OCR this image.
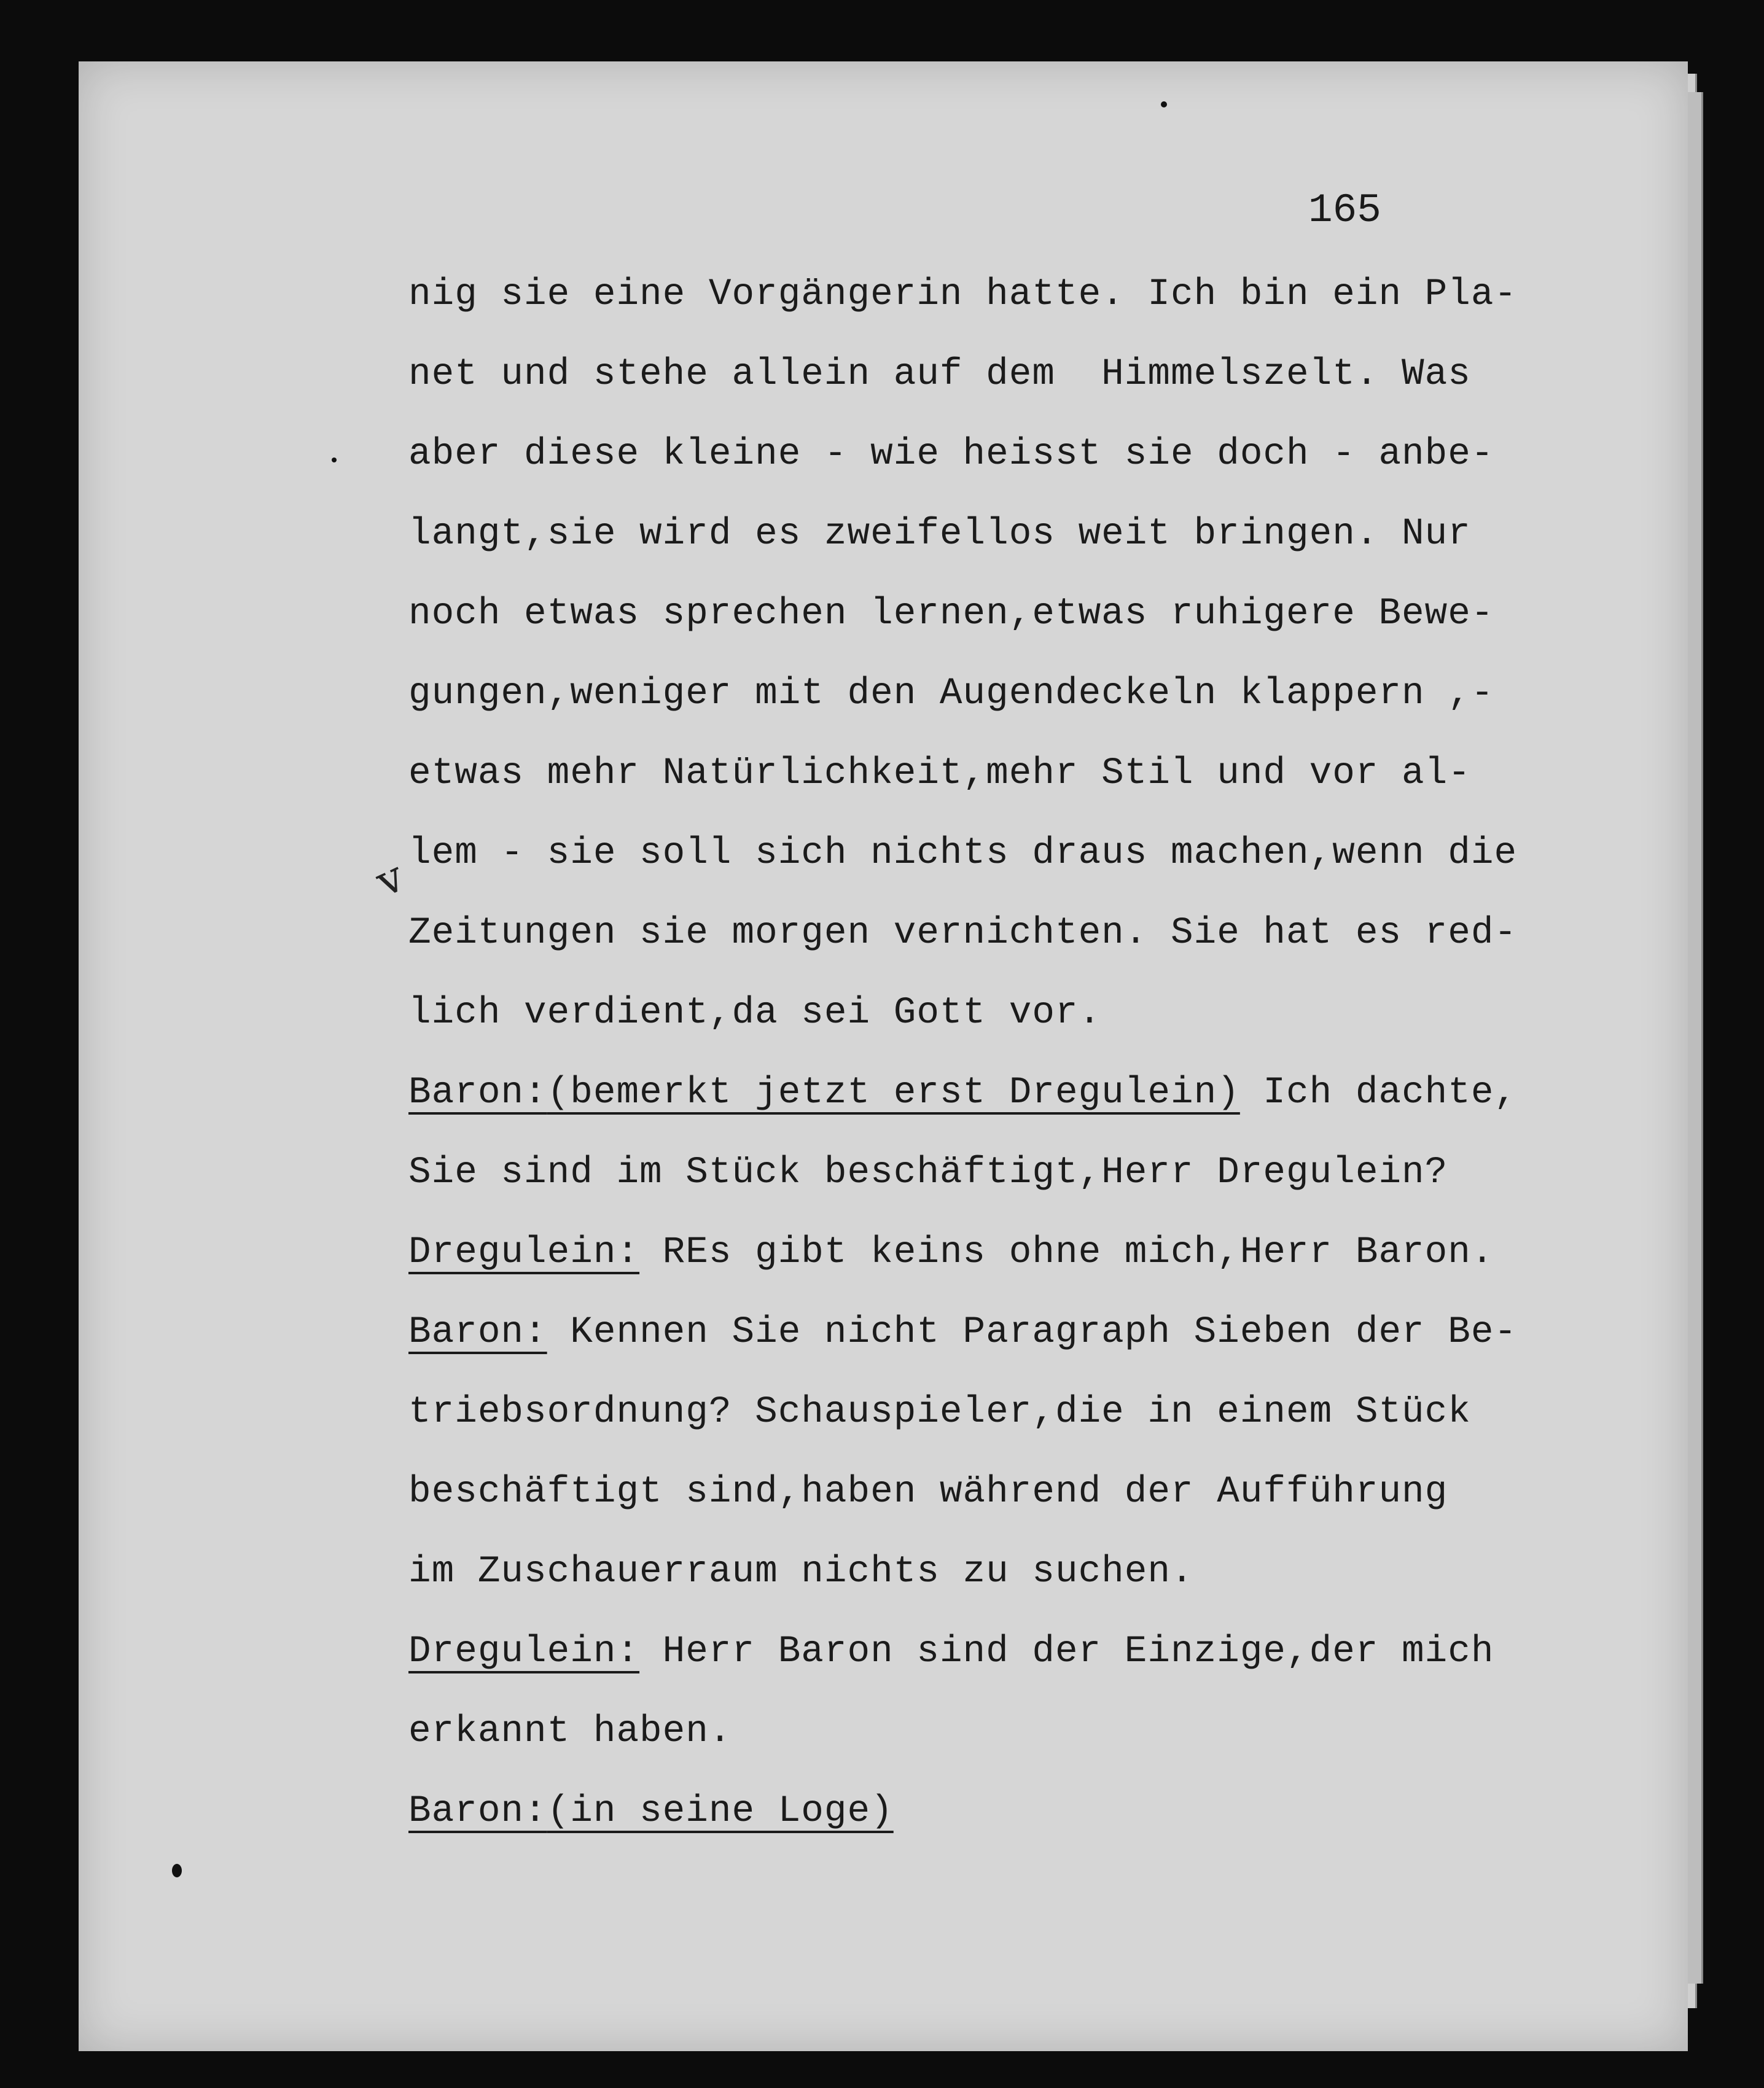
165
v
nig sie eine Vorgängerin hatte. Ich bin ein Pla-
net und stehe allein auf dem  Himmelszelt. Was
aber diese kleine - wie heisst sie doch - anbe-
langt,sie wird es zweifellos weit bringen. Nur
noch etwas sprechen lernen,etwas ruhigere Bewe-
gungen,weniger mit den Augendeckeln klappern ,-
etwas mehr Natürlichkeit,mehr Stil und vor al-
lem - sie soll sich nichts draus machen,wenn die
Zeitungen sie morgen vernichten. Sie hat es red-
lich verdient,da sei Gott vor.
Baron:(bemerkt jetzt erst Dregulein) Ich dachte,
Sie sind im Stück beschäftigt,Herr Dregulein?
Dregulein: REs gibt keins ohne mich,Herr Baron.
Baron: Kennen Sie nicht Paragraph Sieben der Be-
triebsordnung? Schauspieler,die in einem Stück
beschäftigt sind,haben während der Aufführung
im Zuschauerraum nichts zu suchen.
Dregulein: Herr Baron sind der Einzige,der mich
erkannt haben.
Baron:(in seine Loge)
